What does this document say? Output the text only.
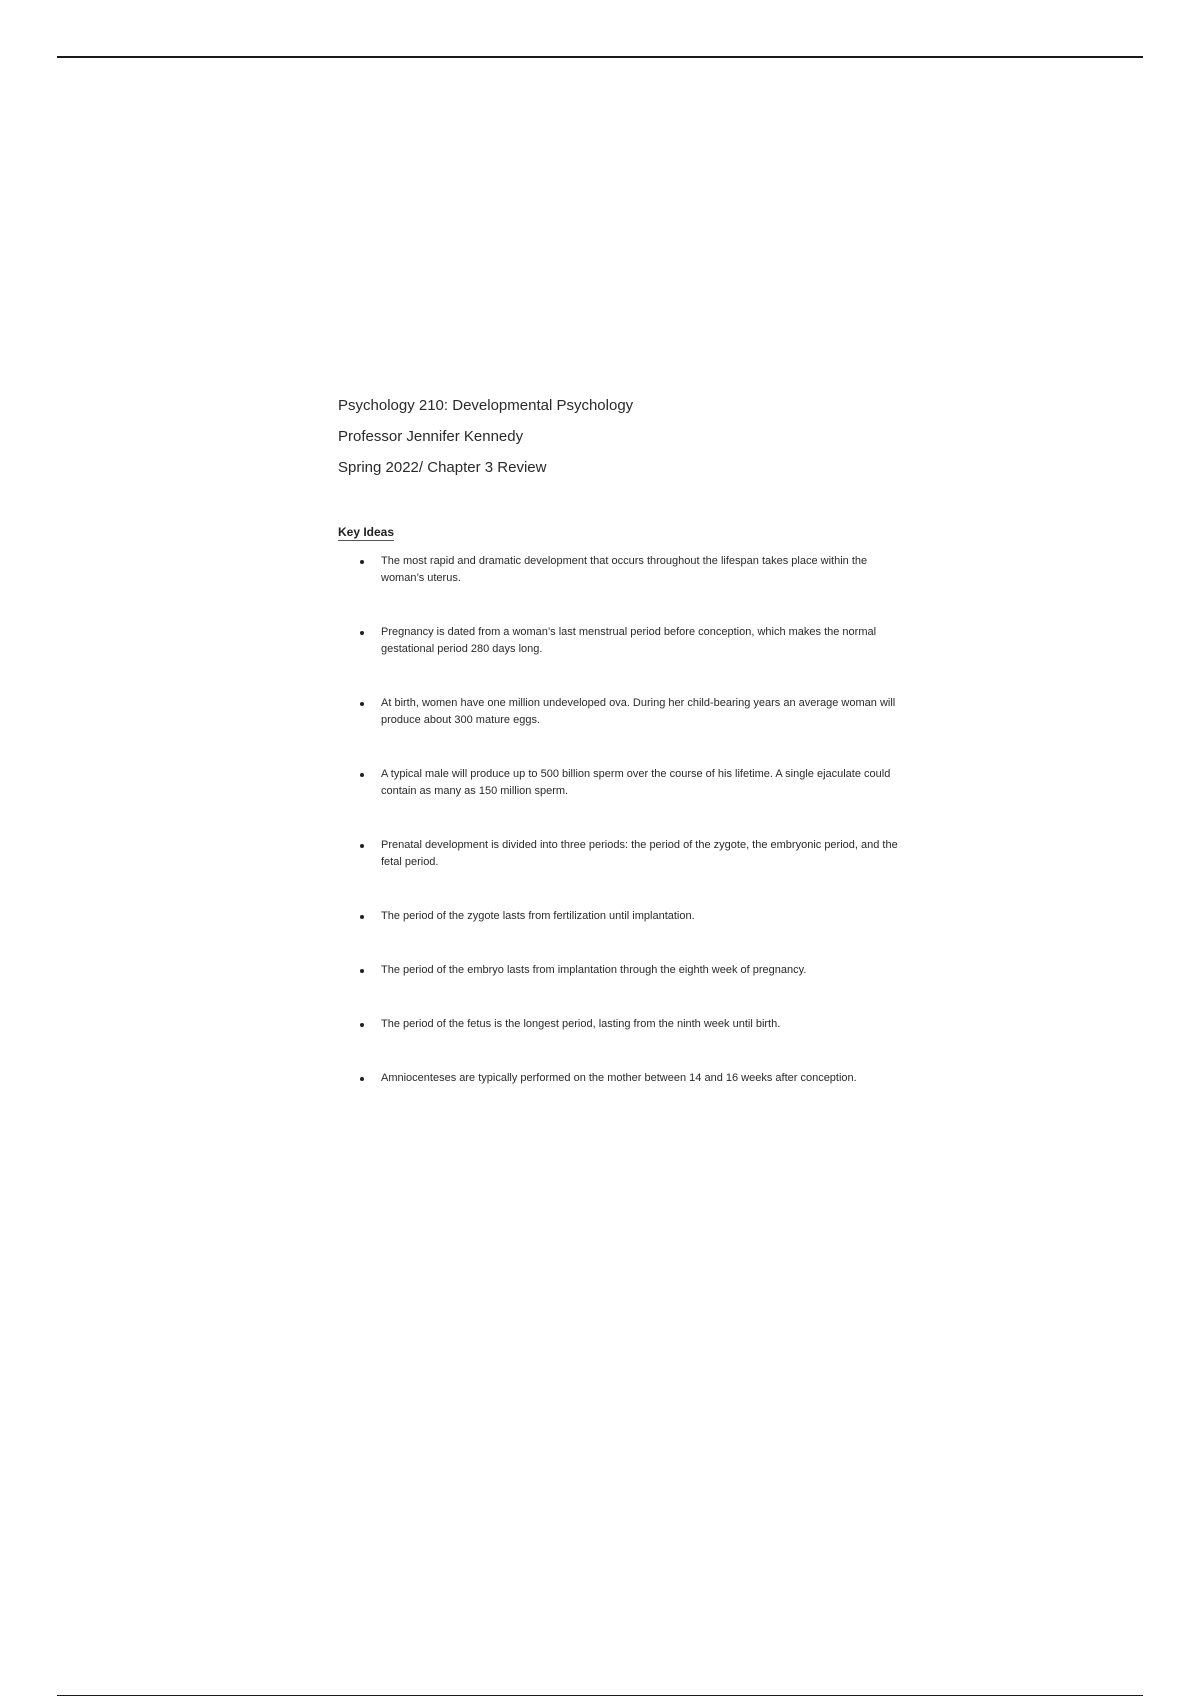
Psychology 210: Developmental Psychology
Professor Jennifer Kennedy
Spring 2022/ Chapter 3 Review
Key Ideas
The most rapid and dramatic development that occurs throughout the lifespan takes place within the woman’s uterus.
Pregnancy is dated from a woman’s last menstrual period before conception, which makes the normal gestational period 280 days long.
At birth, women have one million undeveloped ova. During her child-bearing years an average woman will produce about 300 mature eggs.
A typical male will produce up to 500 billion sperm over the course of his lifetime. A single ejaculate could contain as many as 150 million sperm.
Prenatal development is divided into three periods: the period of the zygote, the embryonic period, and the fetal period.
The period of the zygote lasts from fertilization until implantation.
The period of the embryo lasts from implantation through the eighth week of pregnancy.
The period of the fetus is the longest period, lasting from the ninth week until birth.
Amniocenteses are typically performed on the mother between 14 and 16 weeks after conception.
